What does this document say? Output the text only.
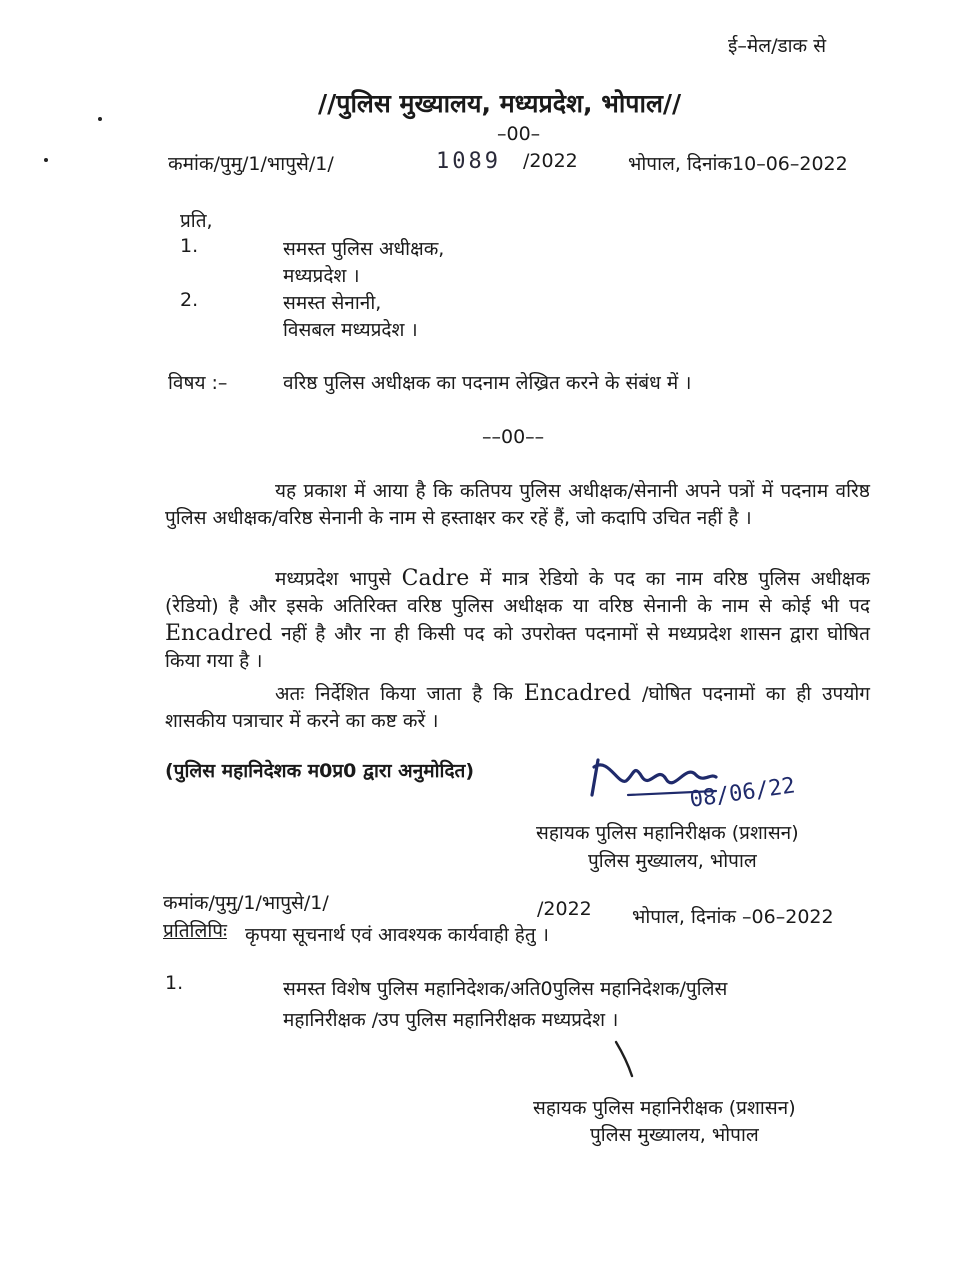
ई–मेल/डाक से
//पुलिस मुख्यालय, मध्यप्रदेश, भोपाल//
–00–
कमांक/पुमु/1/भापुसे/1/	1089 /2022	भोपाल, दिनांक10–06–2022
प्रति,
1.	समस्त पुलिस अधीक्षक,
मध्यप्रदेश ।
2.	समस्त सेनानी,
विसबल मध्यप्रदेश ।
विषय :–	वरिष्ठ पुलिस अधीक्षक का पदनाम लेख्रित करने के संबंध में ।
––00––
यह प्रकाश में आया है कि कतिपय पुलिस अधीक्षक/सेनानी अपने पत्रों में पदनाम वरिष्ठ पुलिस अधीक्षक/वरिष्ठ सेनानी के नाम से हस्ताक्षर कर रहें हैं, जो कदापि उचित नहीं है ।
मध्यप्रदेश भापुसे Cadre में मात्र रेडियो के पद का नाम वरिष्ठ पुलिस अधीक्षक (रेडियो) है और इसके अतिरिक्त वरिष्ठ पुलिस अधीक्षक या वरिष्ठ सेनानी के नाम से कोई भी पद Encadred नहीं है और ना ही किसी पद को उपरोक्त पदनामों से मध्यप्रदेश शासन द्वारा घोषित किया गया है ।
अतः निर्देशित किया जाता है कि Encadred /घोषित पदनामों का ही उपयोग शासकीय पत्राचार में करने का कष्ट करें ।
(पुलिस महानिदेशक म0प्र0 द्वारा अनुमोदित)
08/06/22
सहायक पुलिस महानिरीक्षक (प्रशासन)
पुलिस मुख्यालय, भोपाल
कमांक/पुमु/1/भापुसे/1/	/2022 भोपाल, दिनांक –06–2022
प्रतिलिपिः कृपया सूचनार्थ एवं आवश्यक कार्यवाही हेतु ।
1.	समस्त विशेष पुलिस महानिदेशक/अति0पुलिस महानिदेशक/पुलिस
महानिरीक्षक /उप पुलिस महानिरीक्षक मध्यप्रदेश ।
सहायक पुलिस महानिरीक्षक (प्रशासन)
पुलिस मुख्यालय, भोपाल
